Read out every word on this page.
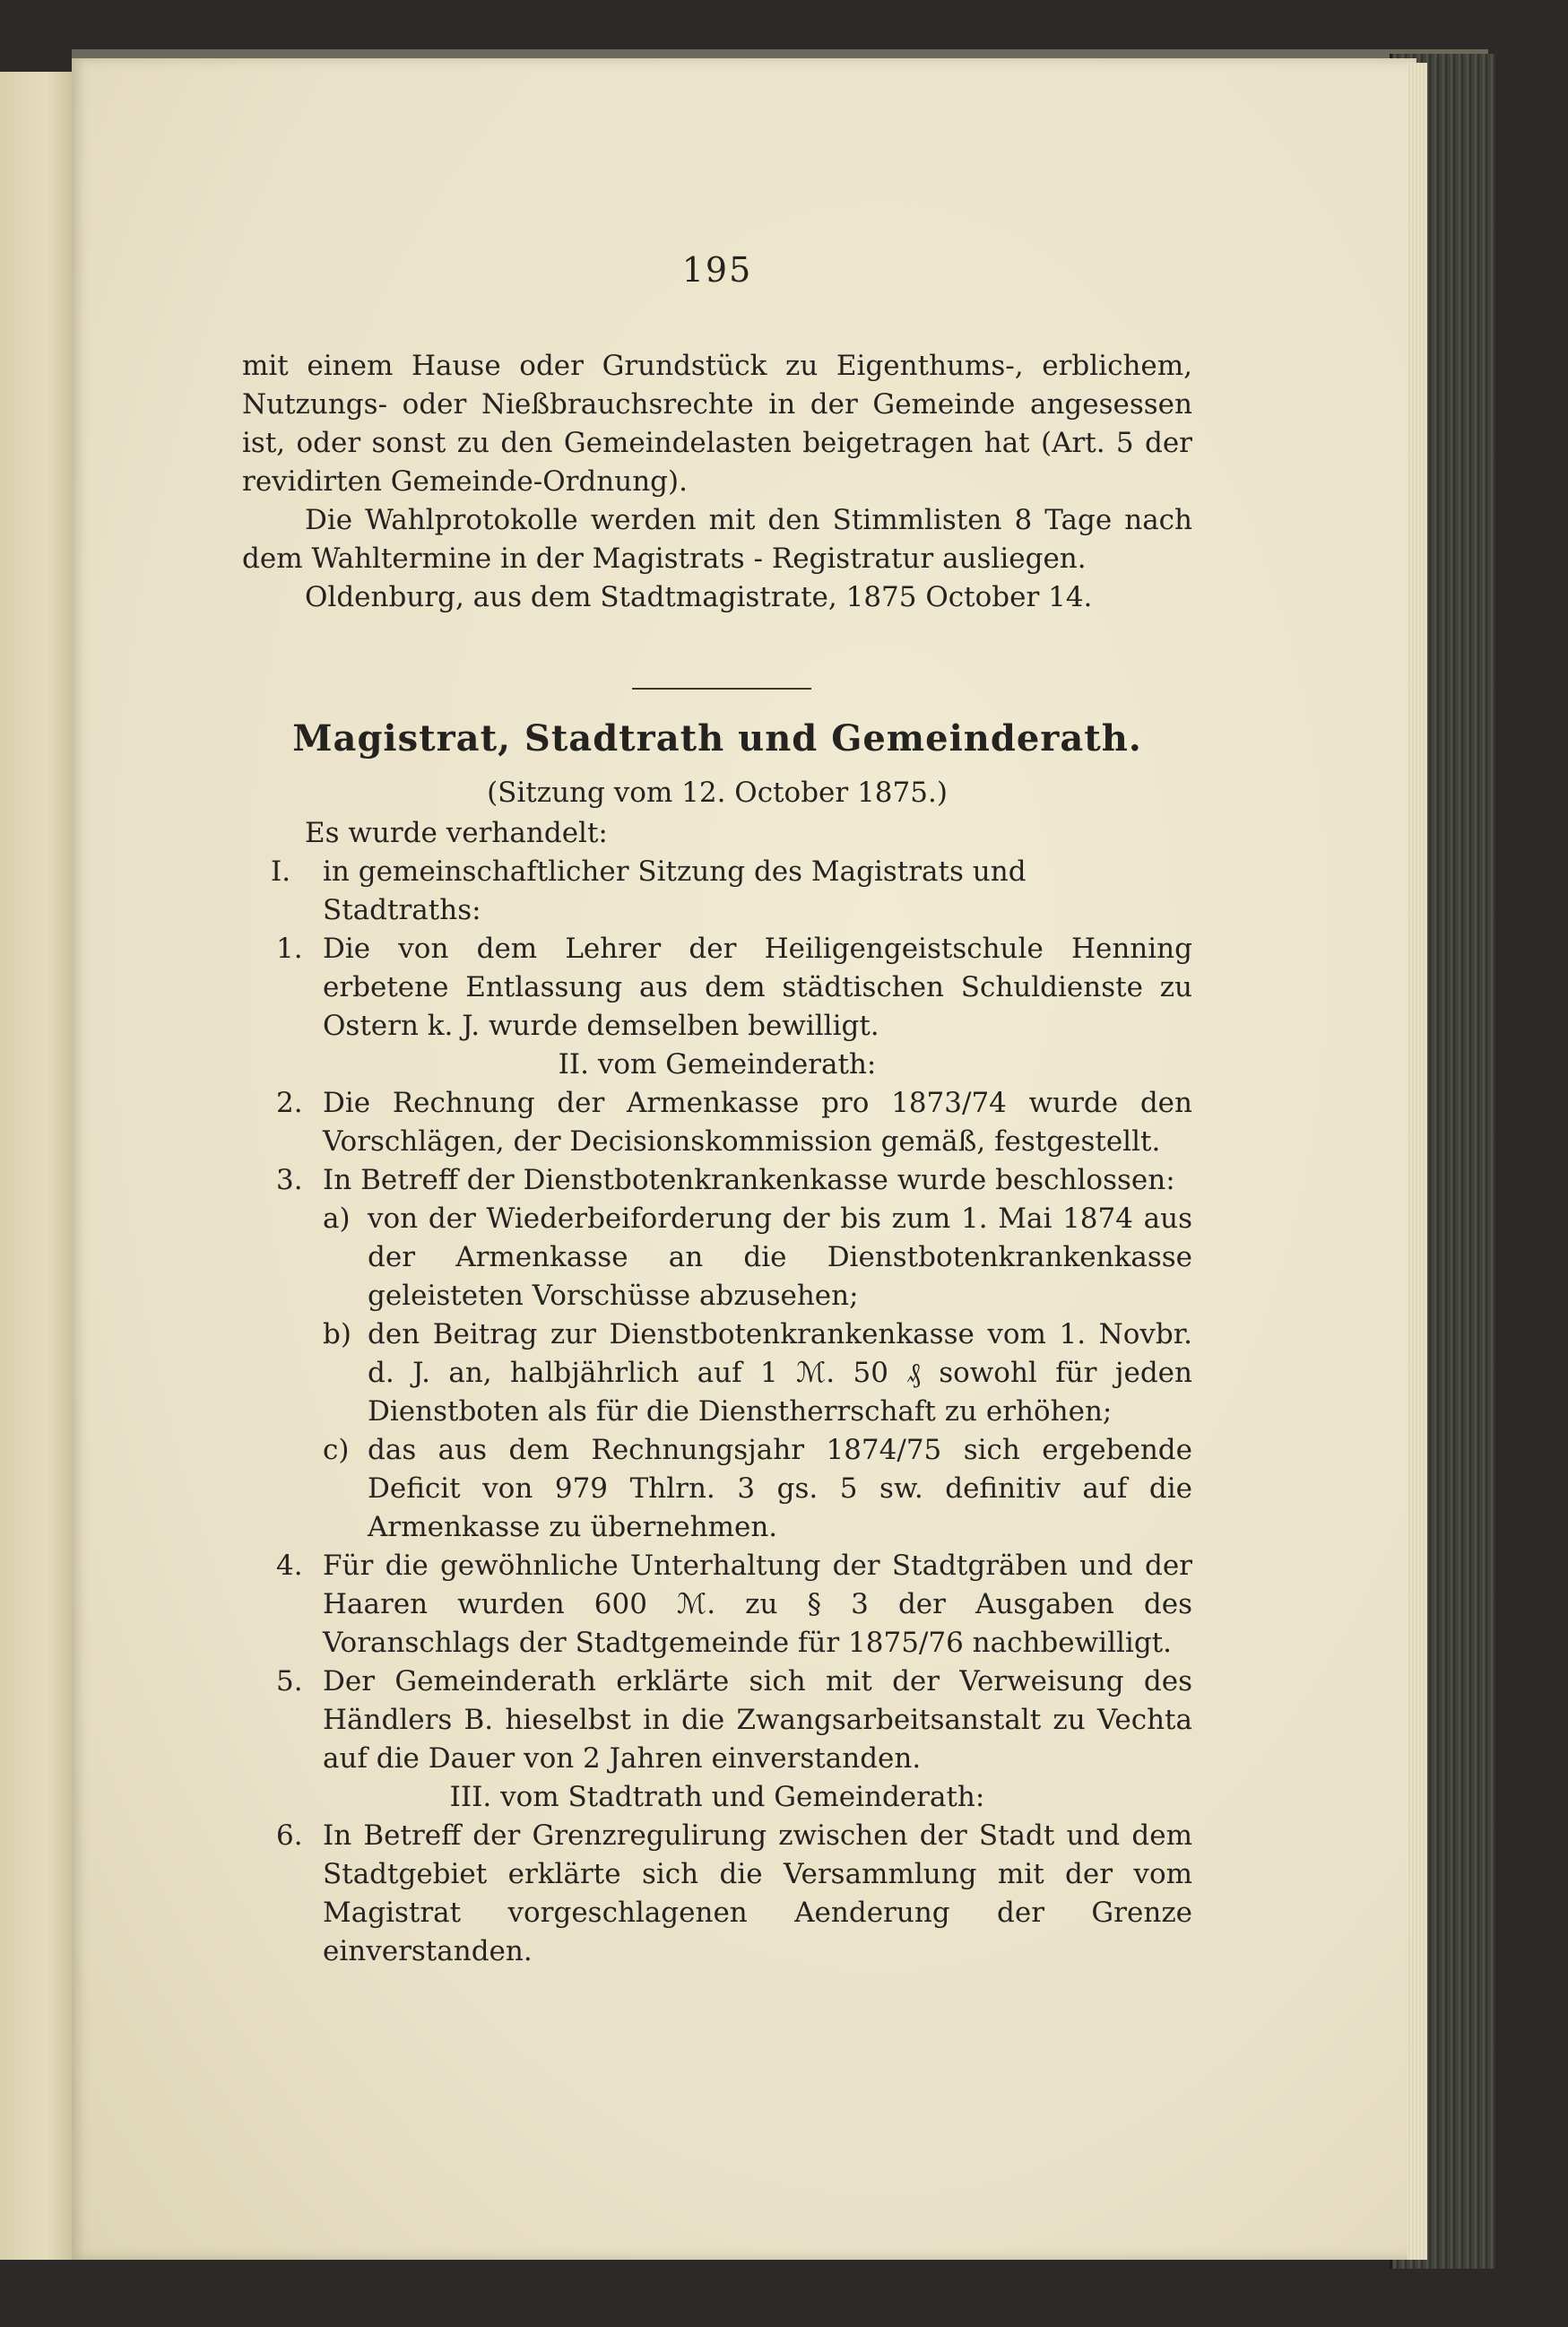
195

mit einem Hause oder Grundstück zu Eigenthums-, erblichem, Nutzungs- oder Nießbrauchsrechte in der Gemeinde angesessen ist, oder sonst zu den Gemeindelasten beigetragen hat (Art. 5 der revidirten Gemeinde-Ordnung).

Die Wahlprotokolle werden mit den Stimmlisten 8 Tage nach dem Wahltermine in der Magistrats - Registratur ausliegen.

Oldenburg, aus dem Stadtmagistrate, 1875 October 14.

Magistrat, Stadtrath und Gemeinderath.
(Sitzung vom 12. October 1875.)

Es wurde verhandelt:

I. in gemeinschaftlicher Sitzung des Magistrats und Stadtraths:

1. Die von dem Lehrer der Heiligengeistschule Henning erbetene Entlassung aus dem städtischen Schuldienste zu Ostern k. J. wurde demselben bewilligt.

II. vom Gemeinderath:

2. Die Rechnung der Armenkasse pro 1873/74 wurde den Vorschlägen, der Decisionskommission gemäß, festgestellt.

3. In Betreff der Dienstbotenkrankenkasse wurde beschlossen:

a) von der Wiederbeiforderung der bis zum 1. Mai 1874 aus der Armenkasse an die Dienstbotenkrankenkasse geleisteten Vorschüsse abzusehen;

b) den Beitrag zur Dienstbotenkrankenkasse vom 1. Novbr. d. J. an, halbjährlich auf 1 ℳ. 50 ₰ sowohl für jeden Dienstboten als für die Dienstherrschaft zu erhöhen;

c) das aus dem Rechnungsjahr 1874/75 sich ergebende Deficit von 979 Thlrn. 3 gs. 5 sw. definitiv auf die Armenkasse zu übernehmen.

4. Für die gewöhnliche Unterhaltung der Stadtgräben und der Haaren wurden 600 ℳ. zu § 3 der Ausgaben des Voranschlags der Stadtgemeinde für 1875/76 nachbewilligt.

5. Der Gemeinderath erklärte sich mit der Verweisung des Händlers B. hieselbst in die Zwangsarbeitsanstalt zu Vechta auf die Dauer von 2 Jahren einverstanden.

III. vom Stadtrath und Gemeinderath:

6. In Betreff der Grenzregulirung zwischen der Stadt und dem Stadtgebiet erklärte sich die Versammlung mit der vom Magistrat vorgeschlagenen Aenderung der Grenze einverstanden.
